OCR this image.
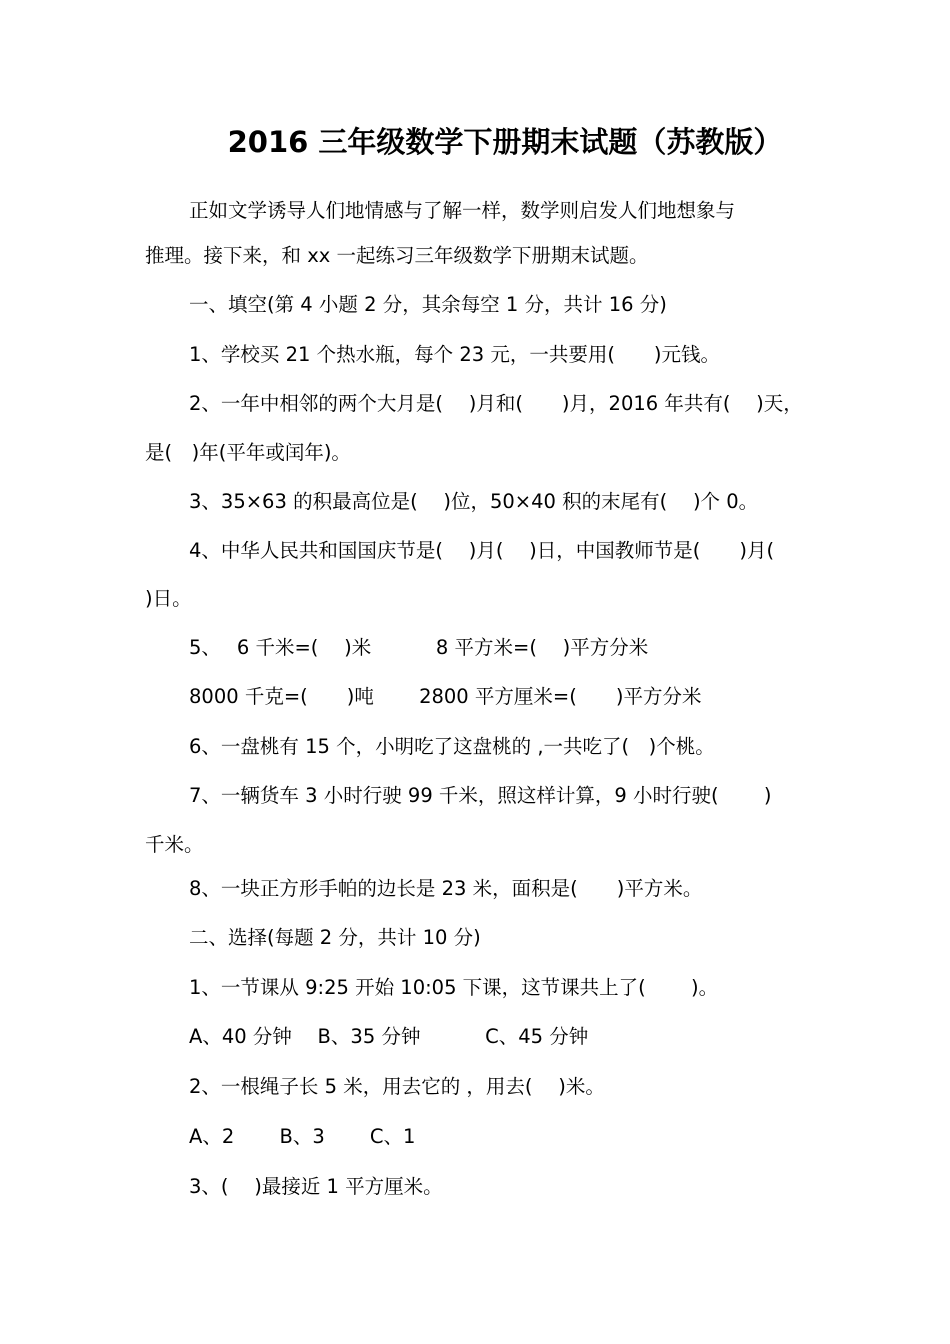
2016 三年级数学下册期末试题（苏教版）
正如文学诱导人们地情感与了解一样，数学则启发人们地想象与
推理。接下来，和 xx 一起练习三年级数学下册期末试题。
一、填空(第 4 小题 2 分，其余每空 1 分，共计 16 分)
1、学校买 21 个热水瓶，每个 23 元，一共要用(　　)元钱。
2、一年中相邻的两个大月是(　 )月和(　　)月，2016 年共有(　 )天，
是(　)年(平年或闰年)。
3、35×63 的积最高位是(　 )位，50×40 积的末尾有(　 )个 0。
4、中华人民共和国国庆节是(　 )月(　 )日，中国教师节是(　　)月(
)日。
5、　 6 千米=(　 )米　　　 8 平方米=(　 )平方分米
8000 千克=(　　)吨　　 2800 平方厘米=(　　)平方分米
6、一盘桃有 15 个，小明吃了这盘桃的 ,一共吃了(　)个桃。
7、一辆货车 3 小时行驶 99 千米，照这样计算，9 小时行驶(　　 )
千米。
8、一块正方形手帕的边长是 23 米，面积是(　　)平方米。
二、选择(每题 2 分，共计 10 分)
1、一节课从 9:25 开始 10:05 下课，这节课共上了(　　 )。
A、40 分钟　 B、35 分钟　　　 C、45 分钟
2、一根绳子长 5 米，用去它的 ，用去(　 )米。
A、2　　 B、3　　 C、1
3、(　 )最接近 1 平方厘米。
